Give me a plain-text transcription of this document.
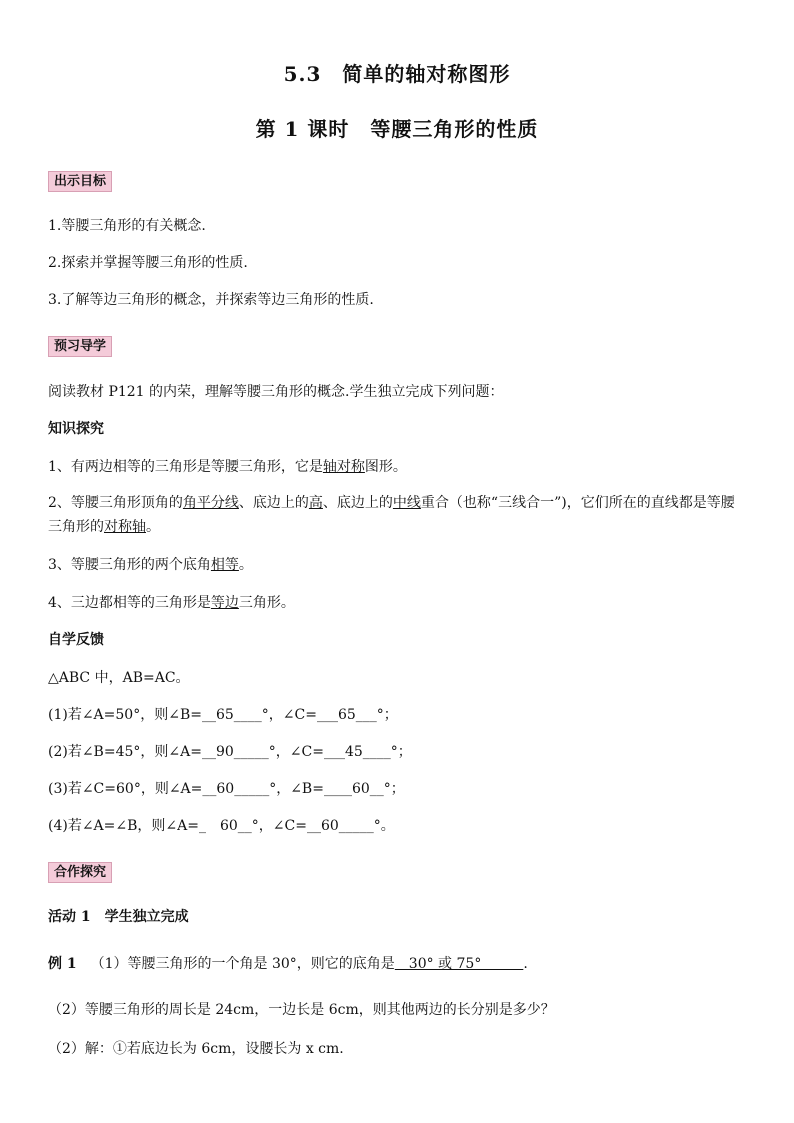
5.3　简单的轴对称图形
第 1 课时　等腰三角形的性质
出示目标
1.等腰三角形的有关概念.
2.探索并掌握等腰三角形的性质.
3.了解等边三角形的概念，并探索等边三角形的性质.
预习导学
阅读教材 P121 的内荣，理解等腰三角形的概念.学生独立完成下列问题：
知识探究
1、有两边相等的三角形是等腰三角形，它是轴对称图形。
2、等腰三角形顶角的角平分线、底边上的高、底边上的中线重合（也称“三线合一”)，它们所在的直线都是等腰三角形的对称轴。
3、等腰三角形的两个底角相等。
4、三边都相等的三角形是等边三角形。
自学反馈
△ABC 中，AB=AC。
(1)若∠A=50°，则∠B=__65____°，∠C=___65___°；
(2)若∠B=45°，则∠A=__90_____°，∠C=___45____°；
(3)若∠C=60°，则∠A=__60_____°，∠B=____60__°；
(4)若∠A=∠B，则∠A=_　60__°，∠C=__60_____°。
合作探究
活动 1　学生独立完成
例 1 （1）等腰三角形的一个角是 30°，则它的底角是　30° 或 75°　　　.
（2）等腰三角形的周长是 24cm，一边长是 6cm，则其他两边的长分别是多少？
（2）解：①若底边长为 6cm，设腰长为 x cm.
